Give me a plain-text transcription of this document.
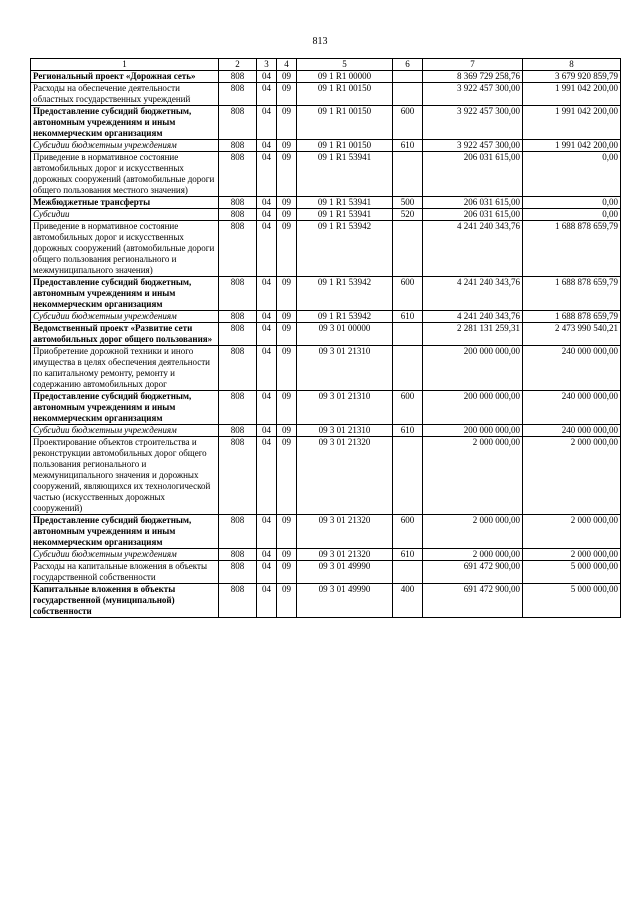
813
1	2	3	4	5	6	7	8
Региональный проект «Дорожная сеть»	808	04	09	09 1 R1 00000		8 369 729 258,76	3 679 920 859,79
Расходы на обеспечение деятельности областных государственных учреждений	808	04	09	09 1 R1 00150		3 922 457 300,00	1 991 042 200,00
Предоставление субсидий бюджетным, автономным учреждениям и иным некоммерческим организациям	808	04	09	09 1 R1 00150	600	3 922 457 300,00	1 991 042 200,00
Субсидии бюджетным учреждениям	808	04	09	09 1 R1 00150	610	3 922 457 300,00	1 991 042 200,00
Приведение в нормативное состояние автомобильных дорог и искусственных дорожных сооружений (автомобильные дороги общего пользования местного значения)	808	04	09	09 1 R1 53941		206 031 615,00	0,00
Межбюджетные трансферты	808	04	09	09 1 R1 53941	500	206 031 615,00	0,00
Субсидии	808	04	09	09 1 R1 53941	520	206 031 615,00	0,00
Приведение в нормативное состояние автомобильных дорог и искусственных дорожных сооружений (автомобильные дороги общего пользования регионального и межмуниципального значения)	808	04	09	09 1 R1 53942		4 241 240 343,76	1 688 878 659,79
Предоставление субсидий бюджетным, автономным учреждениям и иным некоммерческим организациям	808	04	09	09 1 R1 53942	600	4 241 240 343,76	1 688 878 659,79
Субсидии бюджетным учреждениям	808	04	09	09 1 R1 53942	610	4 241 240 343,76	1 688 878 659,79
Ведомственный проект «Развитие сети автомобильных дорог общего пользования»	808	04	09	09 3 01 00000		2 281 131 259,31	2 473 990 540,21
Приобретение дорожной техники и иного имущества в целях обеспечения деятельности по капитальному ремонту, ремонту и содержанию автомобильных дорог	808	04	09	09 3 01 21310		200 000 000,00	240 000 000,00
Предоставление субсидий бюджетным, автономным учреждениям и иным некоммерческим организациям	808	04	09	09 3 01 21310	600	200 000 000,00	240 000 000,00
Субсидии бюджетным учреждениям	808	04	09	09 3 01 21310	610	200 000 000,00	240 000 000,00
Проектирование объектов строительства и реконструкции автомобильных дорог общего пользования регионального и межмуниципального значения и дорожных сооружений, являющихся их технологической частью (искусственных дорожных сооружений)	808	04	09	09 3 01 21320		2 000 000,00	2 000 000,00
Предоставление субсидий бюджетным, автономным учреждениям и иным некоммерческим организациям	808	04	09	09 3 01 21320	600	2 000 000,00	2 000 000,00
Субсидии бюджетным учреждениям	808	04	09	09 3 01 21320	610	2 000 000,00	2 000 000,00
Расходы на капитальные вложения в объекты государственной собственности	808	04	09	09 3 01 49990		691 472 900,00	5 000 000,00
Капитальные вложения в объекты государственной (муниципальной) собственности	808	04	09	09 3 01 49990	400	691 472 900,00	5 000 000,00
